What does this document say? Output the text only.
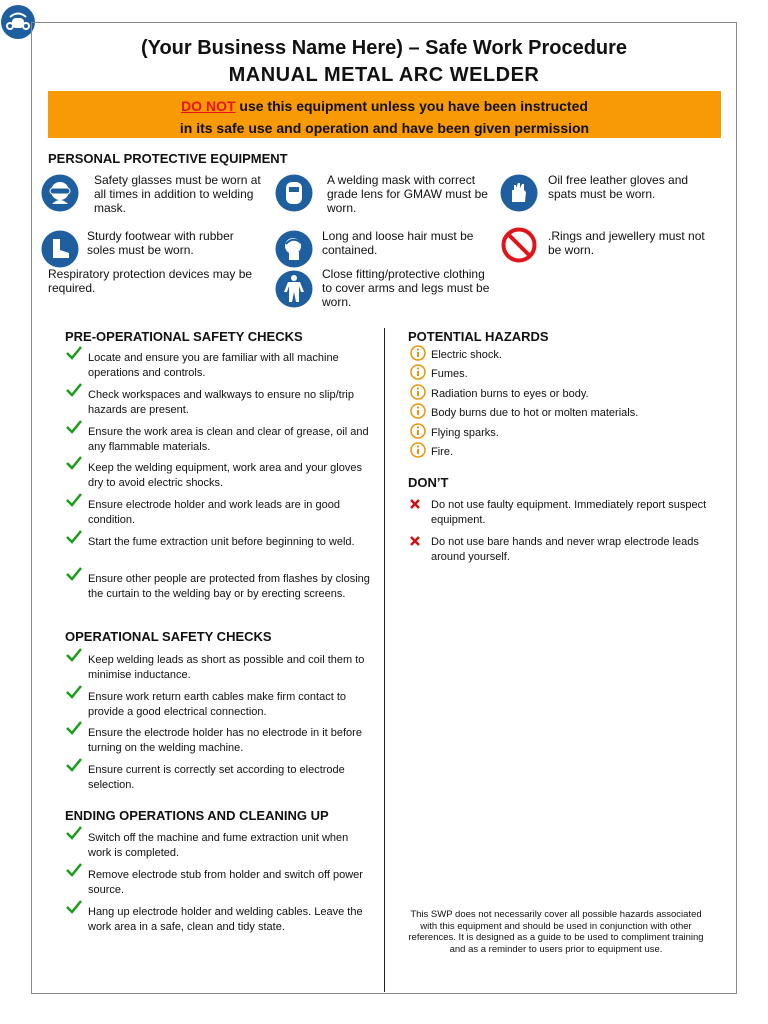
(Your Business Name Here) – Safe Work Procedure
MANUAL METAL ARC WELDER
DO NOT use this equipment unless you have been instructed
in its safe use and operation and have been given permission
PERSONAL PROTECTIVE EQUIPMENT
Safety glasses must be worn at all times in addition to welding mask.
A welding mask with correct grade lens for GMAW must be worn.
Oil free leather gloves and spats must be worn.
Sturdy footwear with rubber soles must be worn.
Long and loose hair must be contained.
.Rings and jewellery must not be worn.
Respiratory protection devices may be required.
Close fitting/protective clothing to cover arms and legs must be worn.
PRE-OPERATIONAL SAFETY CHECKS
Locate and ensure you are familiar with all machine operations and controls.
Check workspaces and walkways to ensure no slip/trip hazards are present.
Ensure the work area is clean and clear of grease, oil and any flammable materials.
Keep the welding equipment, work area and your gloves dry to avoid electric shocks.
Ensure electrode holder and work leads are in good condition.
Start the fume extraction unit before beginning to weld.
Ensure other people are protected from flashes by closing the curtain to the welding bay or by erecting screens.
OPERATIONAL SAFETY CHECKS
Keep welding leads as short as possible and coil them to minimise inductance.
Ensure work return earth cables make firm contact to provide a good electrical connection.
Ensure the electrode holder has no electrode in it before turning on the welding machine.
Ensure current is correctly set according to electrode selection.
ENDING OPERATIONS AND CLEANING UP
Switch off the machine and fume extraction unit when work is completed.
Remove electrode stub from holder and switch off power source.
Hang up electrode holder and welding cables. Leave the work area in a safe, clean and tidy state.
POTENTIAL HAZARDS
Electric shock.
Fumes.
Radiation burns to eyes or body.
Body burns due to hot or molten materials.
Flying sparks.
Fire.
DON’T
Do not use faulty equipment. Immediately report suspect equipment.
Do not use bare hands and never wrap electrode leads around yourself.
This SWP does not necessarily cover all possible hazards associated with this equipment and should be used in conjunction with other references. It is designed as a guide to be used to compliment training and as a reminder to users prior to equipment use.
